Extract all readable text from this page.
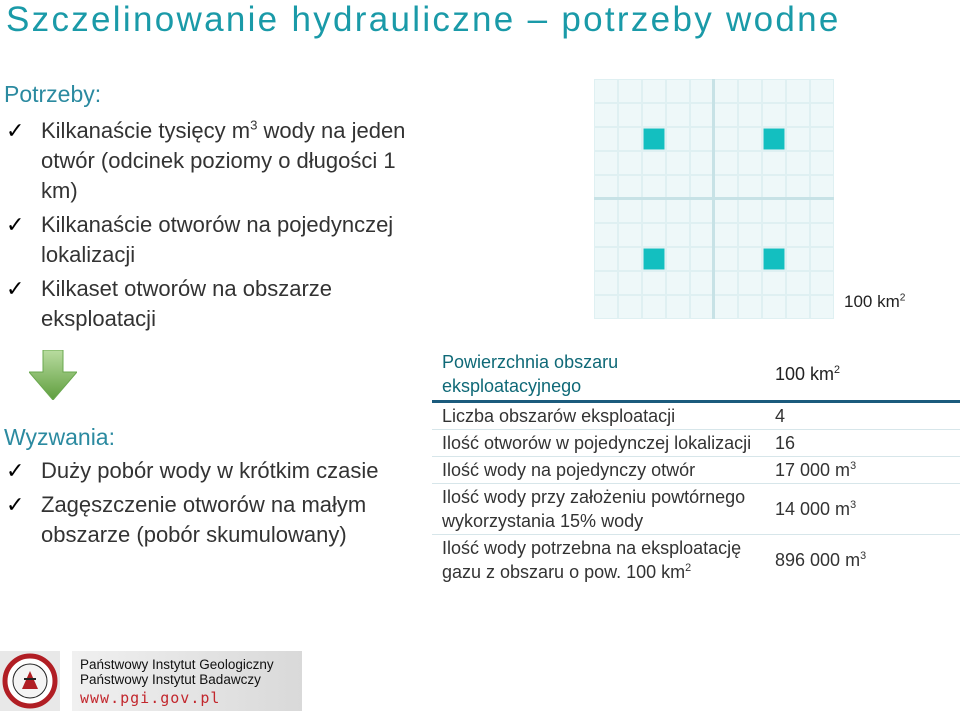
Szczelinowanie hydrauliczne – potrzeby wodne
Potrzeby:
✓ Kilkanaście tysięcy $m^3$ wody na jeden otwór (odcinek poziomy o długości 1 km)
✓ Kilkanaście otworów na pojedynczej lokalizacji
✓ Kilkaset otworów na obszarze eksploatacji
Wyzwania:
✓ Duży pobór wody w krótkim czasie
✓ Zagęszczenie otworów na małym obszarze (pobór skumulowany)
100 $km^2$
Powierzchnia obszaru eksploatacyjnego	100 $km^2$
Liczba obszarów eksploatacji	4
Ilość otworów w pojedynczej lokalizacji	16
Ilość wody na pojedynczy otwór	17 000 $m^3$
Ilość wody przy założeniu powtórnego wykorzystania 15% wody	14 000 $m^3$
Ilość wody potrzebna na eksploatację gazu z obszaru o pow. 100 $km^2$	896 000 $m^3$
Państwowy Instytut Geologiczny
Państwowy Instytut Badawczy
www.pgi.gov.pl
